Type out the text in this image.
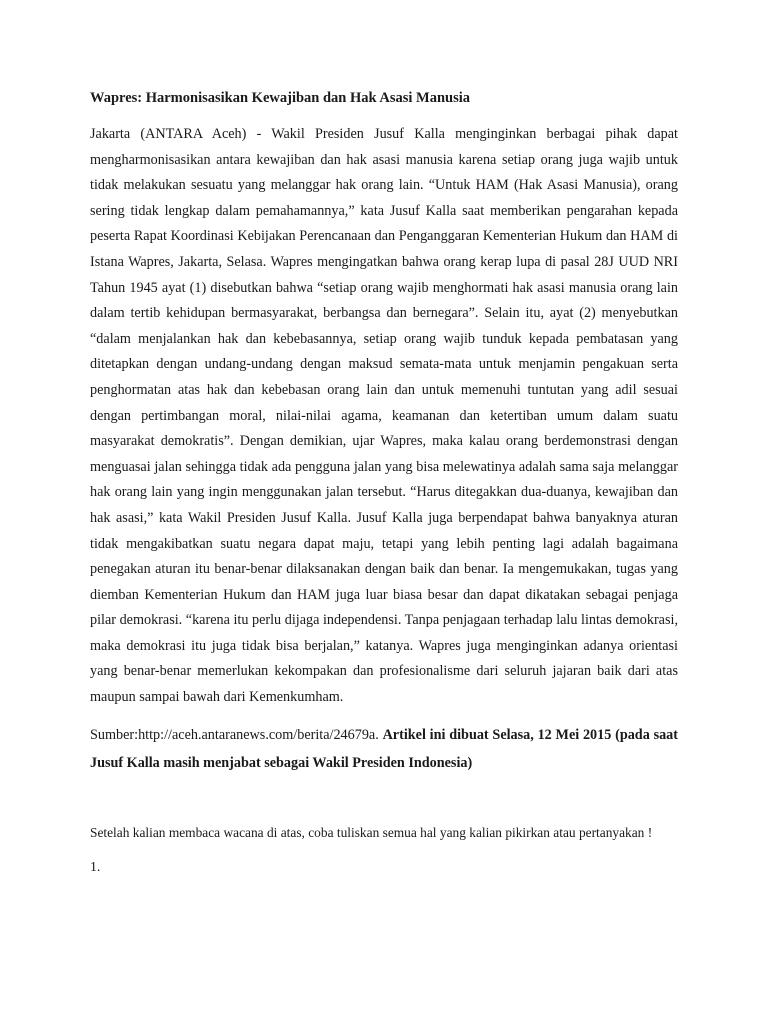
Wapres: Harmonisasikan Kewajiban dan Hak Asasi Manusia

Jakarta (ANTARA Aceh) - Wakil Presiden Jusuf Kalla menginginkan berbagai pihak dapat mengharmonisasikan antara kewajiban dan hak asasi manusia karena setiap orang juga wajib untuk tidak melakukan sesuatu yang melanggar hak orang lain. “Untuk HAM (Hak Asasi Manusia), orang sering tidak lengkap dalam pemahamannya,” kata Jusuf Kalla saat memberikan pengarahan kepada peserta Rapat Koordinasi Kebijakan Perencanaan dan Penganggaran Kementerian Hukum dan HAM di Istana Wapres, Jakarta, Selasa. Wapres mengingatkan bahwa orang kerap lupa di pasal 28J UUD NRI Tahun 1945 ayat (1) disebutkan bahwa “setiap orang wajib menghormati hak asasi manusia orang lain dalam tertib kehidupan bermasyarakat, berbangsa dan bernegara”. Selain itu, ayat (2) menyebutkan “dalam menjalankan hak dan kebebasannya, setiap orang wajib tunduk kepada pembatasan yang ditetapkan dengan undang-undang dengan maksud semata-mata untuk menjamin pengakuan serta penghormatan atas hak dan kebebasan orang lain dan untuk memenuhi tuntutan yang adil sesuai dengan pertimbangan moral, nilai-nilai agama, keamanan dan ketertiban umum dalam suatu masyarakat demokratis”. Dengan demikian, ujar Wapres, maka kalau orang berdemonstrasi dengan menguasai jalan sehingga tidak ada pengguna jalan yang bisa melewatinya adalah sama saja melanggar hak orang lain yang ingin menggunakan jalan tersebut. “Harus ditegakkan dua-duanya, kewajiban dan hak asasi,” kata Wakil Presiden Jusuf Kalla. Jusuf Kalla juga berpendapat bahwa banyaknya aturan tidak mengakibatkan suatu negara dapat maju, tetapi yang lebih penting lagi adalah bagaimana penegakan aturan itu benar-benar dilaksanakan dengan baik dan benar. Ia mengemukakan, tugas yang diemban Kementerian Hukum dan HAM juga luar biasa besar dan dapat dikatakan sebagai penjaga pilar demokrasi. “karena itu perlu dijaga independensi. Tanpa penjagaan terhadap lalu lintas demokrasi, maka demokrasi itu juga tidak bisa berjalan,” katanya. Wapres juga menginginkan adanya orientasi yang benar-benar memerlukan kekompakan dan profesionalisme dari seluruh jajaran baik dari atas maupun sampai bawah dari Kemenkumham.

Sumber:http://aceh.antaranews.com/berita/24679a. Artikel ini dibuat Selasa, 12 Mei 2015 (pada saat Jusuf Kalla masih menjabat sebagai Wakil Presiden Indonesia)

Setelah kalian membaca wacana di atas, coba tuliskan semua hal yang kalian pikirkan atau pertanyakan !

1.
